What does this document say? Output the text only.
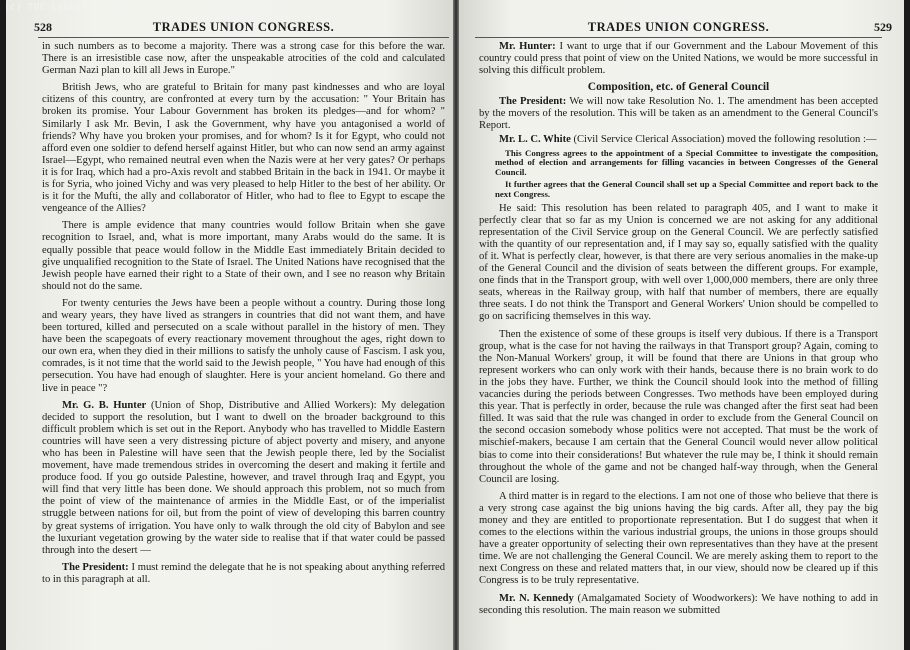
(c) TUC Library Collections
528	TRADES UNION CONGRESS.

in such numbers as to become a majority. There was a strong case for this before the war. There is an irresistible case now, after the unspeakable atrocities of the cold and calculated German Nazi plan to kill all Jews in Europe."

British Jews, who are grateful to Britain for many past kindnesses and who are loyal citizens of this country, are confronted at every turn by the accusation: " Your Britain has broken its promise. Your Labour Government has broken its pledges—and for whom? " Similarly I ask Mr. Bevin, I ask the Government, why have you antagonised a world of friends? Why have you broken your promises, and for whom? Is it for Egypt, who could not afford even one soldier to defend herself against Hitler, but who can now send an army against Israel—Egypt, who remained neutral even when the Nazis were at her very gates? Or perhaps it is for Iraq, which had a pro-Axis revolt and stabbed Britain in the back in 1941. Or maybe it is for Syria, who joined Vichy and was very pleased to help Hitler to the best of her ability. Or is it for the Mufti, the ally and collaborator of Hitler, who had to flee to Egypt to escape the vengeance of the Allies?

There is ample evidence that many countries would follow Britain when she gave recognition to Israel, and, what is more important, many Arabs would do the same. It is equally possible that peace would follow in the Middle East immediately Britain decided to give unqualified recognition to the State of Israel. The United Nations have recognised that the Jewish people have earned their right to a State of their own, and I see no reason why Britain should not do the same.

For twenty centuries the Jews have been a people without a country. During those long and weary years, they have lived as strangers in countries that did not want them, and have been tortured, killed and persecuted on a scale without parallel in the history of men. They have been the scapegoats of every reactionary movement throughout the ages, right down to our own era, when they died in their millions to satisfy the unholy cause of Fascism. I ask you, comrades, is it not time that the world said to the Jewish people, " You have had enough of this persecution. You have had enough of slaughter. Here is your ancient homeland. Go there and live in peace "?

Mr. G. B. Hunter (Union of Shop, Distributive and Allied Workers): My delegation decided to support the resolution, but I want to dwell on the broader background to this difficult problem which is set out in the Report. Anybody who has travelled to Middle Eastern countries will have seen a very distressing picture of abject poverty and misery, and anyone who has been in Palestine will have seen that the Jewish people there, led by the Socialist movement, have made tremendous strides in overcoming the desert and making it fertile and produce food. If you go outside Palestine, however, and travel through Iraq and Egypt, you will find that very little has been done. We should approach this problem, not so much from the point of view of the maintenance of armies in the Middle East, or of the imperialist struggle between nations for oil, but from the point of view of developing this barren country by great systems of irrigation. You have only to walk through the old city of Babylon and see the luxuriant vegetation growing by the water side to realise that if that water could be passed through into the desert —

The President: I must remind the delegate that he is not speaking about anything referred to in this paragraph at all.

TRADES UNION CONGRESS.	529

Mr. Hunter: I want to urge that if our Government and the Labour Movement of this country could press that point of view on the United Nations, we would be more successful in solving this difficult problem.

Composition, etc. of General Council

The President: We will now take Resolution No. 1. The amendment has been accepted by the movers of the resolution. This will be taken as an amendment to the General Council's Report.

Mr. L. C. White (Civil Service Clerical Association) moved the following resolution :—

This Congress agrees to the appointment of a Special Committee to investigate the composition, method of election and arrangements for filling vacancies in between Congresses of the General Council.
It further agrees that the General Council shall set up a Special Committee and report back to the next Congress.

He said: This resolution has been related to paragraph 405, and I want to make it perfectly clear that so far as my Union is concerned we are not asking for any additional representation of the Civil Service group on the General Council. We are perfectly satisfied with the quantity of our representation and, if I may say so, equally satisfied with the quality of it. What is perfectly clear, however, is that there are very serious anomalies in the make-up of the General Council and the division of seats between the different groups. For example, one finds that in the Transport group, with well over 1,000,000 members, there are only three seats, whereas in the Railway group, with half that number of members, there are equally three seats. I do not think the Transport and General Workers' Union should be compelled to go on sacrificing themselves in this way.

Then the existence of some of these groups is itself very dubious. If there is a Transport group, what is the case for not having the railways in that Transport group? Again, coming to the Non-Manual Workers' group, it will be found that there are Unions in that group who represent workers who can only work with their hands, because there is no brain work to do in the jobs they have. Further, we think the Council should look into the method of filling vacancies during the periods between Congresses. Two methods have been employed during this year. That is perfectly in order, because the rule was changed after the first seat had been filled. It was said that the rule was changed in order to exclude from the General Council on the second occasion somebody whose politics were not accepted. That must be the work of mischief-makers, because I am certain that the General Council would never allow political bias to come into their considerations! But whatever the rule may be, I think it should remain throughout the whole of the game and not be changed half-way through, when the General Council are losing.

A third matter is in regard to the elections. I am not one of those who believe that there is a very strong case against the big unions having the big cards. After all, they pay the big money and they are entitled to proportionate representation. But I do suggest that when it comes to the elections within the various industrial groups, the unions in those groups should have a greater opportunity of selecting their own representatives than they have at the present time. We are not challenging the General Council. We are merely asking them to report to the next Congress on these and related matters that, in our view, should now be cleared up if this Congress is to be truly representative.

Mr. N. Kennedy (Amalgamated Society of Woodworkers): We have nothing to add in seconding this resolution. The main reason we submitted
